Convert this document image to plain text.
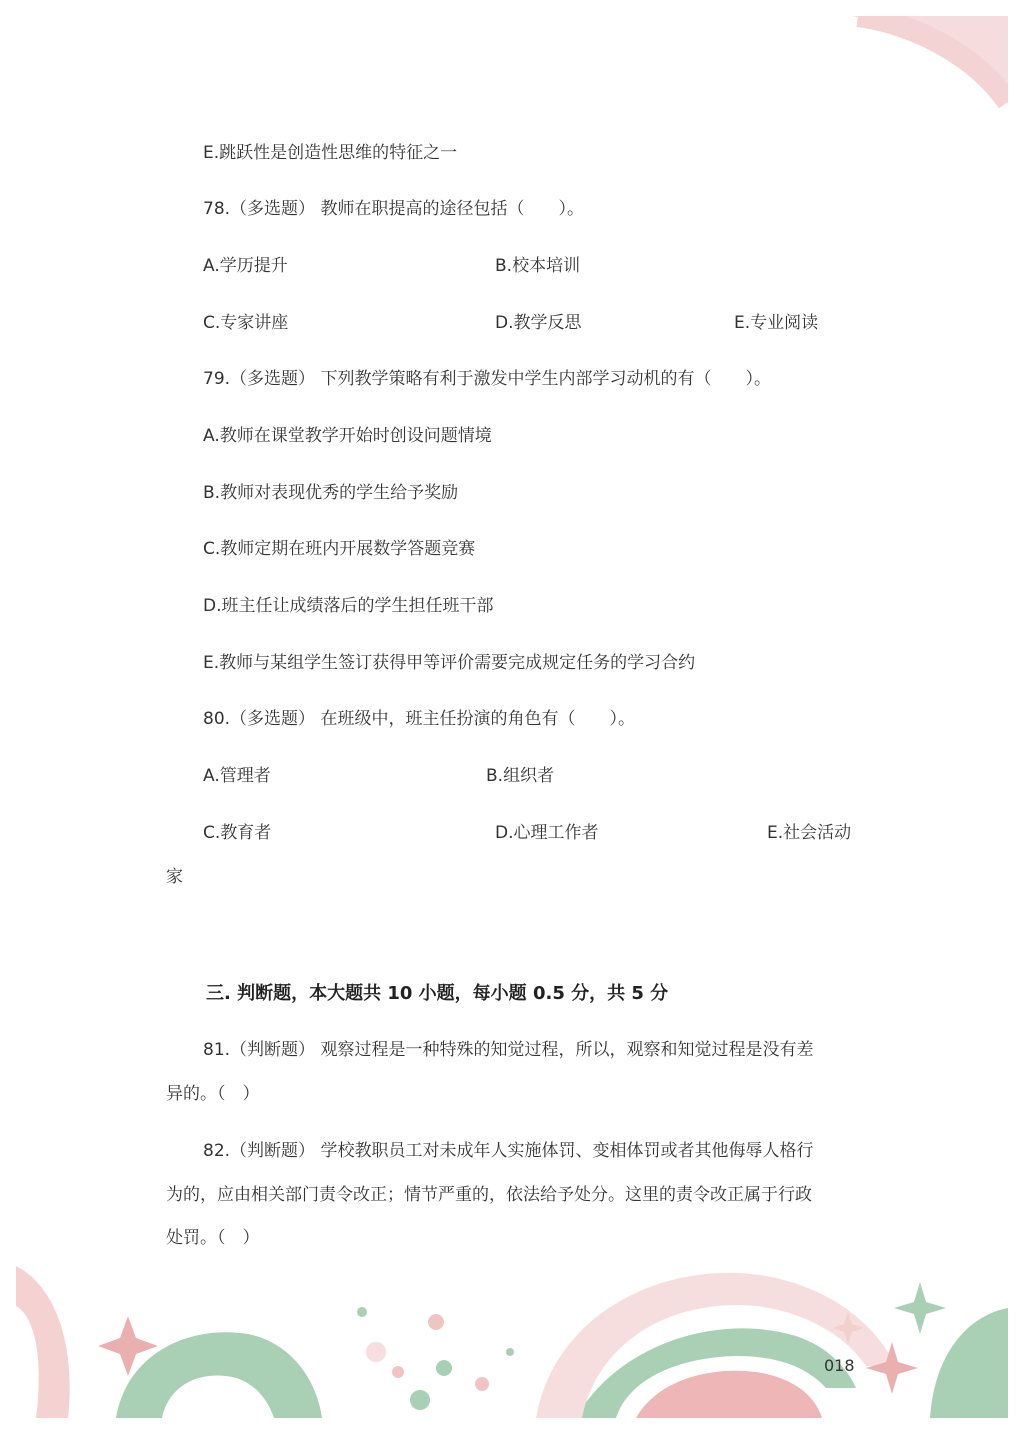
E.跳跃性是创造性思维的特征之一
78.（多选题） 教师在职提高的途径包括（　　）。
A.学历提升	B.校本培训
C.专家讲座	D.教学反思	E.专业阅读
79.（多选题） 下列教学策略有利于激发中学生内部学习动机的有（　　）。
A.教师在课堂教学开始时创设问题情境
B.教师对表现优秀的学生给予奖励
C.教师定期在班内开展数学答题竞赛
D.班主任让成绩落后的学生担任班干部
E.教师与某组学生签订获得甲等评价需要完成规定任务的学习合约
80.（多选题） 在班级中，班主任扮演的角色有（　　）。
A.管理者	B.组织者
C.教育者	D.心理工作者	E.社会活动
家
三. 判断题，本大题共 10 小题，每小题 0.5 分，共 5 分
81.（判断题） 观察过程是一种特殊的知觉过程，所以，观察和知觉过程是没有差
异的。（　）
82.（判断题） 学校教职员工对未成年人实施体罚、变相体罚或者其他侮辱人格行
为的，应由相关部门责令改正；情节严重的，依法给予处分。这里的责令改正属于行政
处罚。（　）
018
